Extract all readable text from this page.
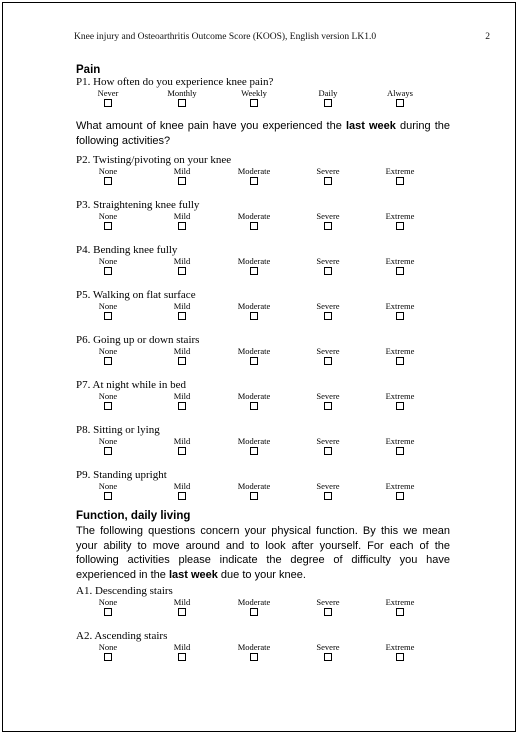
Knee injury and Osteoarthritis Outcome Score (KOOS), English version LK1.0	2
Pain
P1. How often do you experience knee pain?
Never	Monthly	Weekly	Daily	Always
What amount of knee pain have you experienced the last week during the following activities?
P2. Twisting/pivoting on your knee
None	Mild	Moderate	Severe	Extreme
P3. Straightening knee fully
None	Mild	Moderate	Severe	Extreme
P4. Bending knee fully
None	Mild	Moderate	Severe	Extreme
P5. Walking on flat surface
None	Mild	Moderate	Severe	Extreme
P6. Going up or down stairs
None	Mild	Moderate	Severe	Extreme
P7. At night while in bed
None	Mild	Moderate	Severe	Extreme
P8. Sitting or lying
None	Mild	Moderate	Severe	Extreme
P9. Standing upright
None	Mild	Moderate	Severe	Extreme
Function, daily living
The following questions concern your physical function. By this we mean your ability to move around and to look after yourself. For each of the following activities please indicate the degree of difficulty you have experienced in the last week due to your knee.
A1. Descending stairs
None	Mild	Moderate	Severe	Extreme
A2. Ascending stairs
None	Mild	Moderate	Severe	Extreme
